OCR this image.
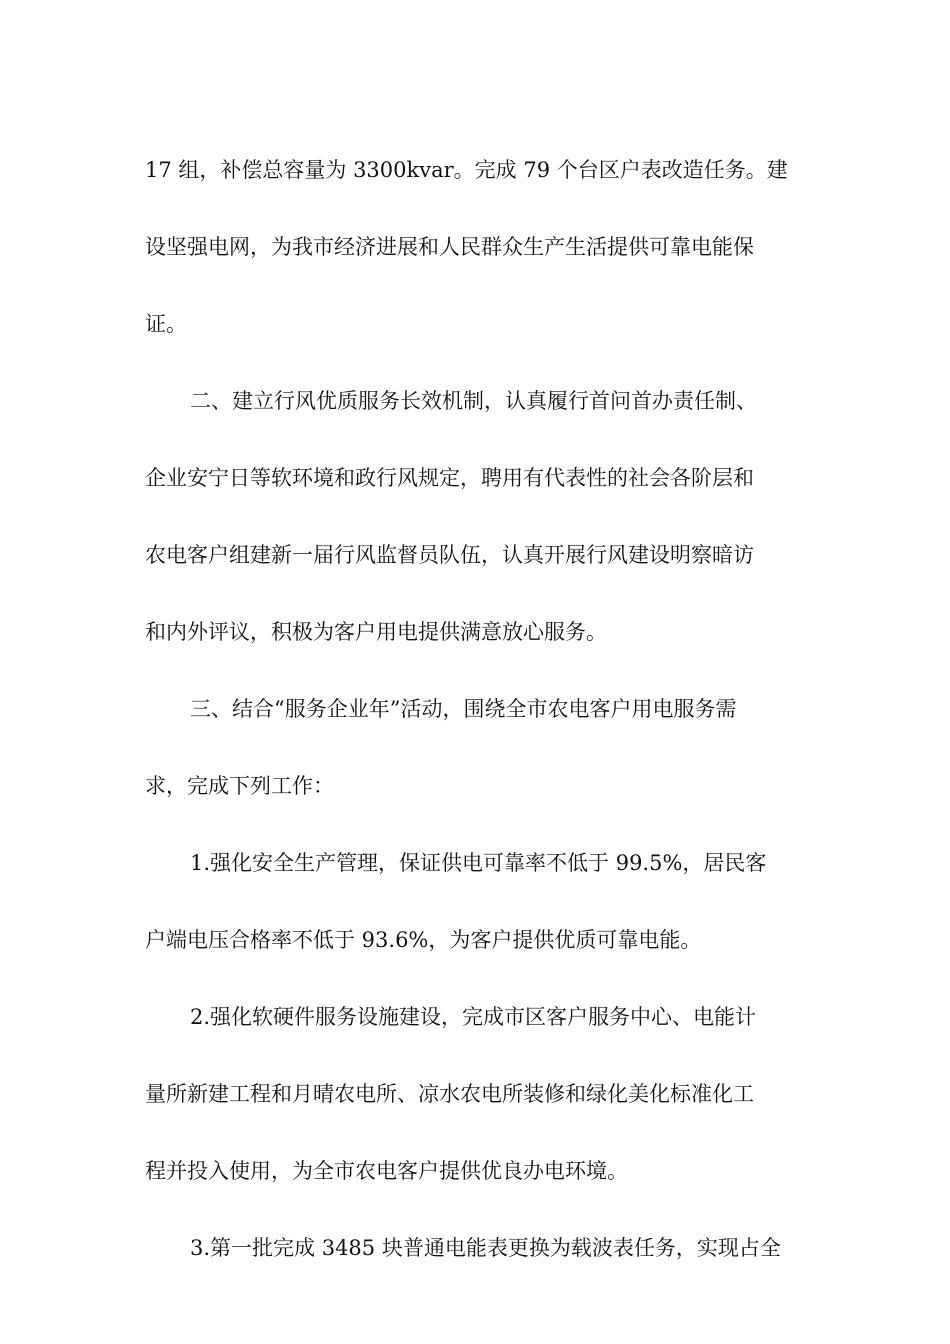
17 组，补偿总容量为 3300kvar。完成 79 个台区户表改造任务。建
设坚强电网，为我市经济进展和人民群众生产生活提供可靠电能保
证。
二、建立行风优质服务长效机制，认真履行首问首办责任制、
企业安宁日等软环境和政行风规定，聘用有代表性的社会各阶层和
农电客户组建新一届行风监督员队伍，认真开展行风建设明察暗访
和内外评议，积极为客户用电提供满意放心服务。
三、结合“服务企业年”活动，围绕全市农电客户用电服务需
求，完成下列工作：
1.强化安全生产管理，保证供电可靠率不低于 99.5%，居民客
户端电压合格率不低于 93.6%，为客户提供优质可靠电能。
2.强化软硬件服务设施建设，完成市区客户服务中心、电能计
量所新建工程和月晴农电所、凉水农电所装修和绿化美化标准化工
程并投入使用，为全市农电客户提供优良办电环境。
3.第一批完成 3485 块普通电能表更换为载波表任务，实现占全
